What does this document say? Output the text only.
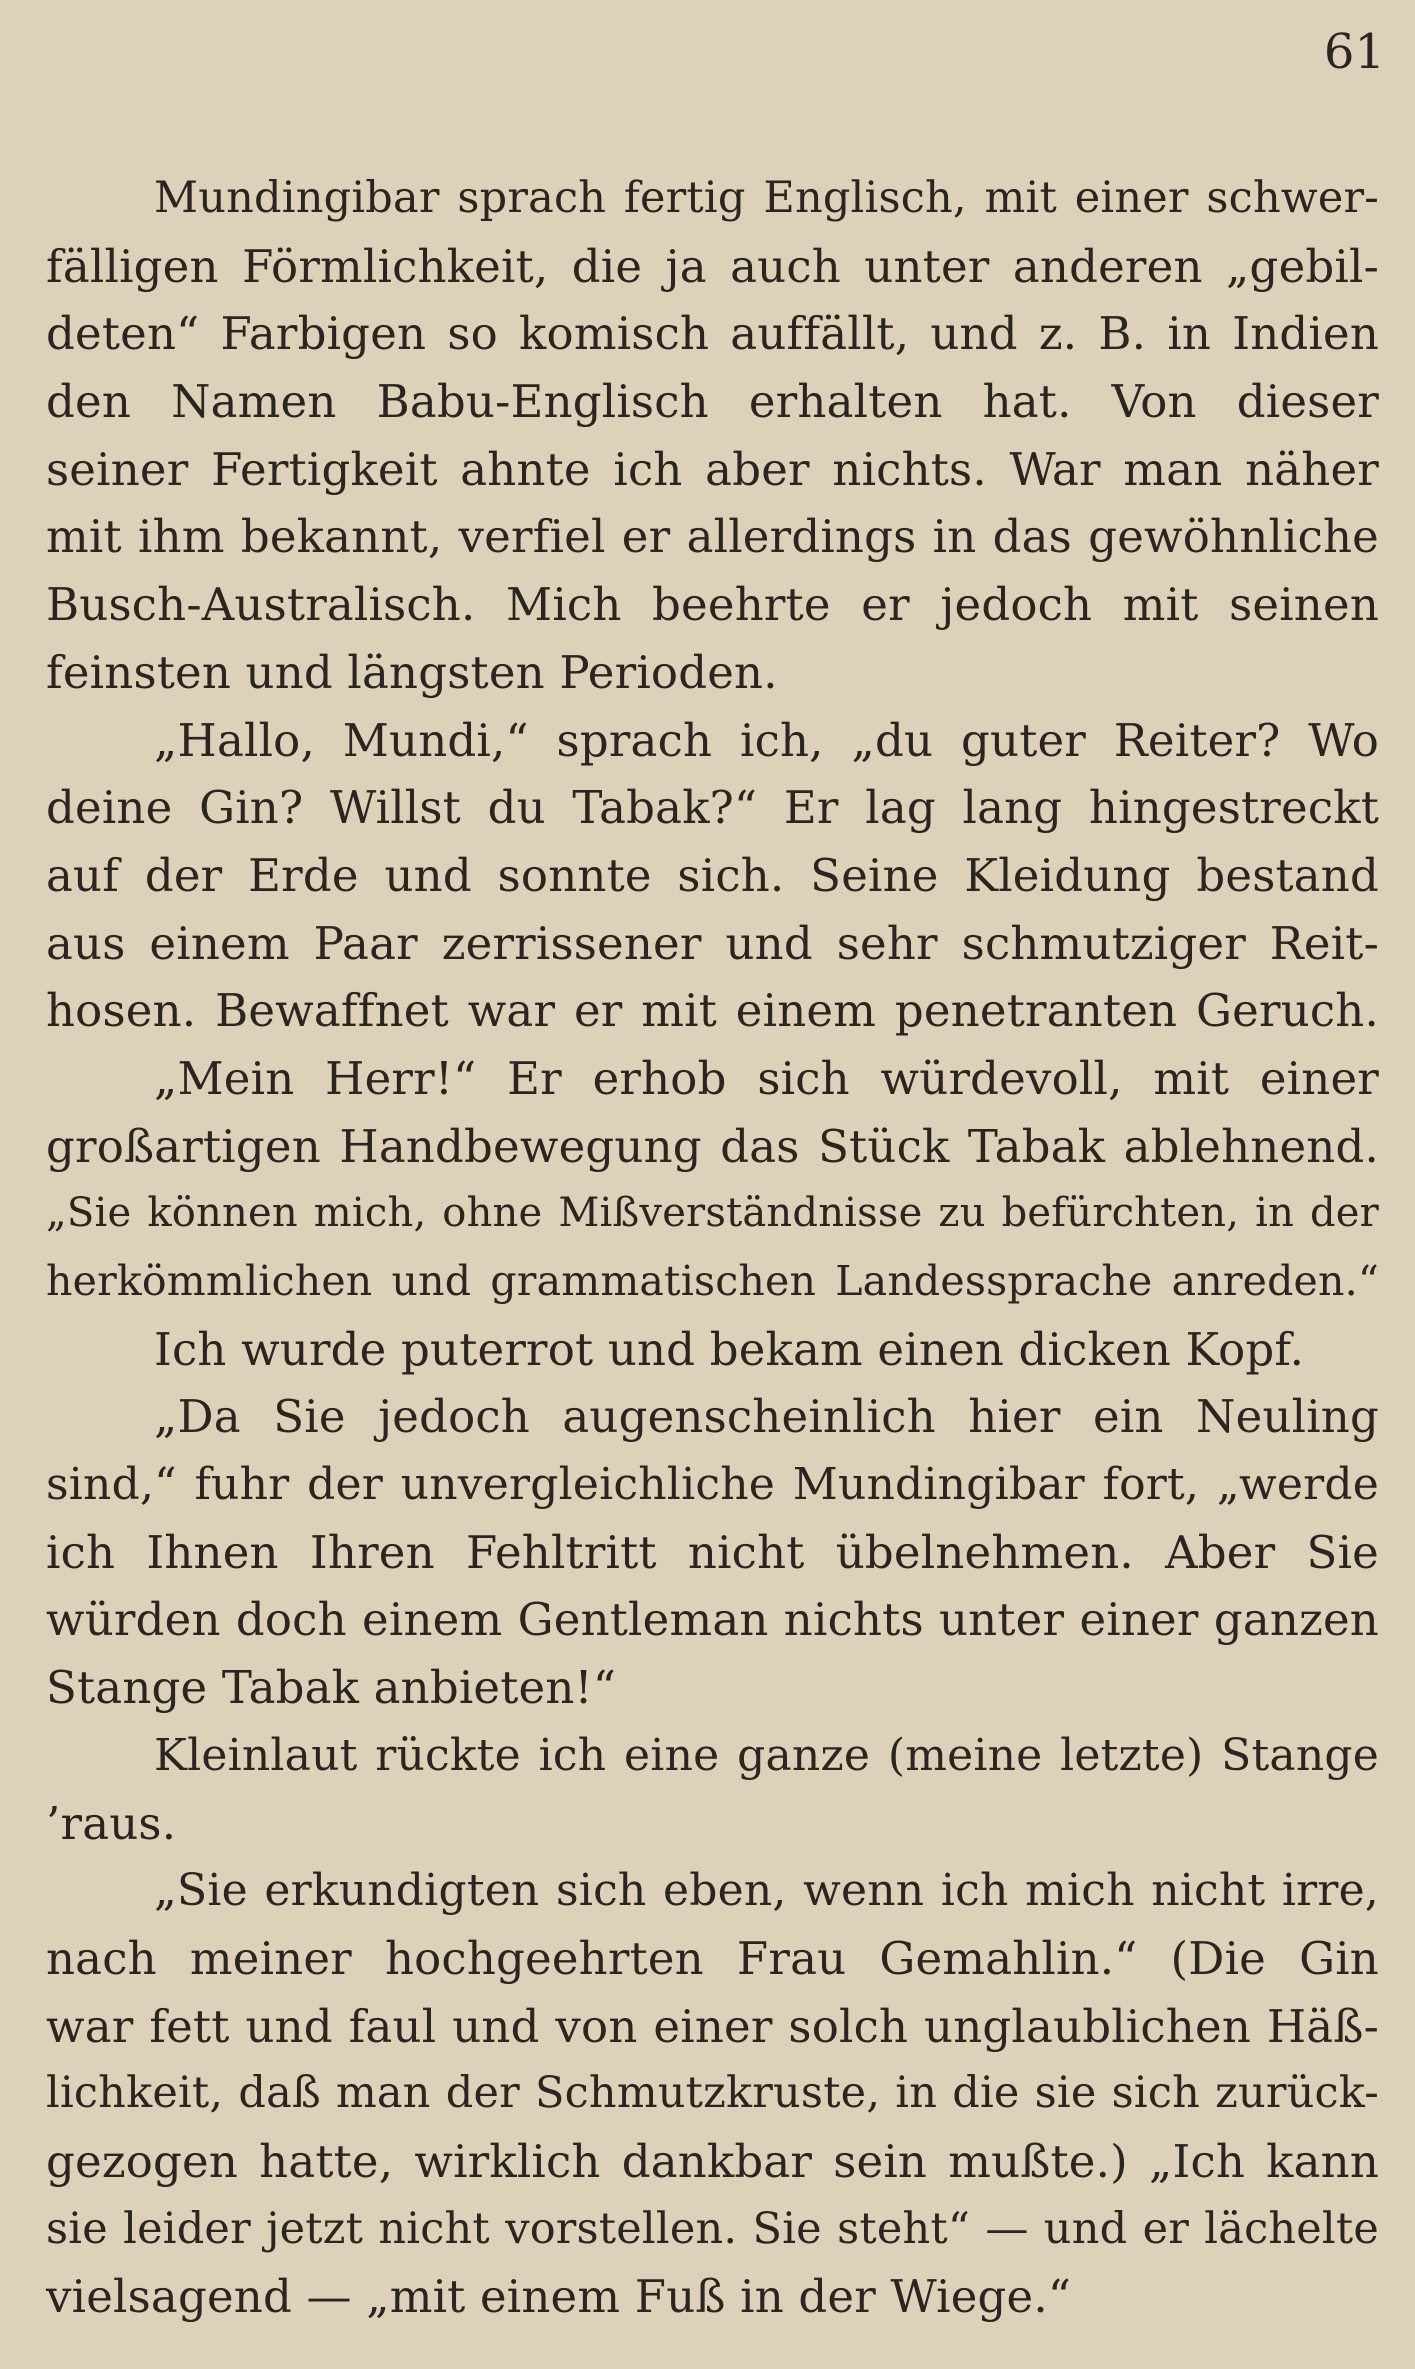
61
Mundingibar sprach fertig Englisch, mit einer schwer-
fälligen Förmlichkeit, die ja auch unter anderen „gebil-
deten“ Farbigen so komisch auffällt, und z. B. in Indien
den Namen Babu-Englisch erhalten hat. Von dieser
seiner Fertigkeit ahnte ich aber nichts. War man näher
mit ihm bekannt, verfiel er allerdings in das gewöhnliche
Busch-Australisch. Mich beehrte er jedoch mit seinen
feinsten und längsten Perioden.
„Hallo, Mundi,“ sprach ich, „du guter Reiter? Wo
deine Gin? Willst du Tabak?“ Er lag lang hingestreckt
auf der Erde und sonnte sich. Seine Kleidung bestand
aus einem Paar zerrissener und sehr schmutziger Reit-
hosen. Bewaffnet war er mit einem penetranten Geruch.
„Mein Herr!“ Er erhob sich würdevoll, mit einer
großartigen Handbewegung das Stück Tabak ablehnend.
„Sie können mich, ohne Mißverständnisse zu befürchten, in der
herkömmlichen und grammatischen Landessprache anreden.“
Ich wurde puterrot und bekam einen dicken Kopf.
„Da Sie jedoch augenscheinlich hier ein Neuling
sind,“ fuhr der unvergleichliche Mundingibar fort, „werde
ich Ihnen Ihren Fehltritt nicht übelnehmen. Aber Sie
würden doch einem Gentleman nichts unter einer ganzen
Stange Tabak anbieten!“
Kleinlaut rückte ich eine ganze (meine letzte) Stange
’raus.
„Sie erkundigten sich eben, wenn ich mich nicht irre,
nach meiner hochgeehrten Frau Gemahlin.“ (Die Gin
war fett und faul und von einer solch unglaublichen Häß-
lichkeit, daß man der Schmutzkruste, in die sie sich zurück-
gezogen hatte, wirklich dankbar sein mußte.) „Ich kann
sie leider jetzt nicht vorstellen. Sie steht“ — und er lächelte
vielsagend — „mit einem Fuß in der Wiege.“
